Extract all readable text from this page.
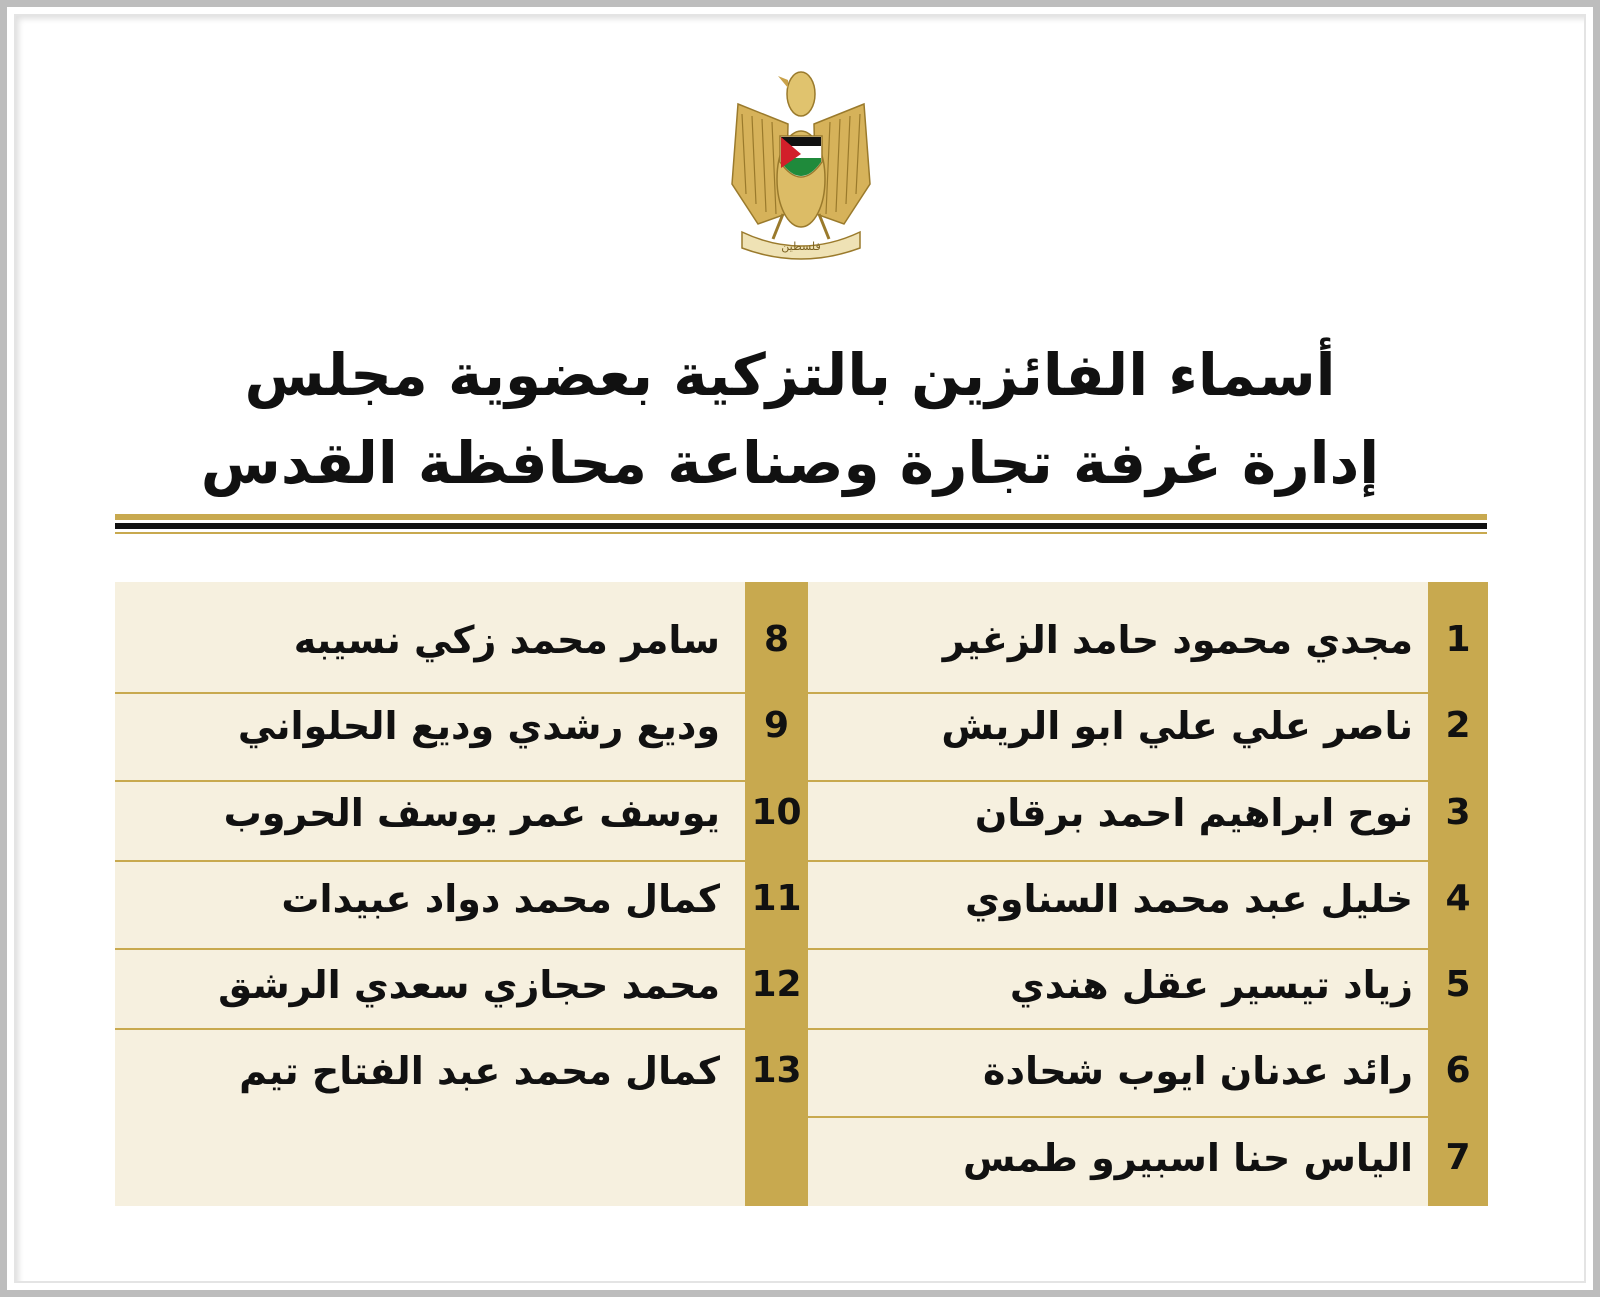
فلسطين
أسماء الفائزين بالتزكية بعضوية مجلس
إدارة غرفة تجارة وصناعة محافظة القدس
1
مجدي محمود حامد الزغير
2
ناصر علي علي ابو الريش
3
نوح ابراهيم احمد برقان
4
خليل عبد محمد السناوي
5
زياد تيسير عقل هندي
6
رائد عدنان ايوب شحادة
7
الياس حنا اسبيرو طمس
8
سامر محمد زكي نسيبه
9
وديع رشدي وديع الحلواني
10
يوسف عمر يوسف الحروب
11
كمال محمد دواد عبيدات
12
محمد حجازي سعدي الرشق
13
كمال محمد عبد الفتاح تيم
